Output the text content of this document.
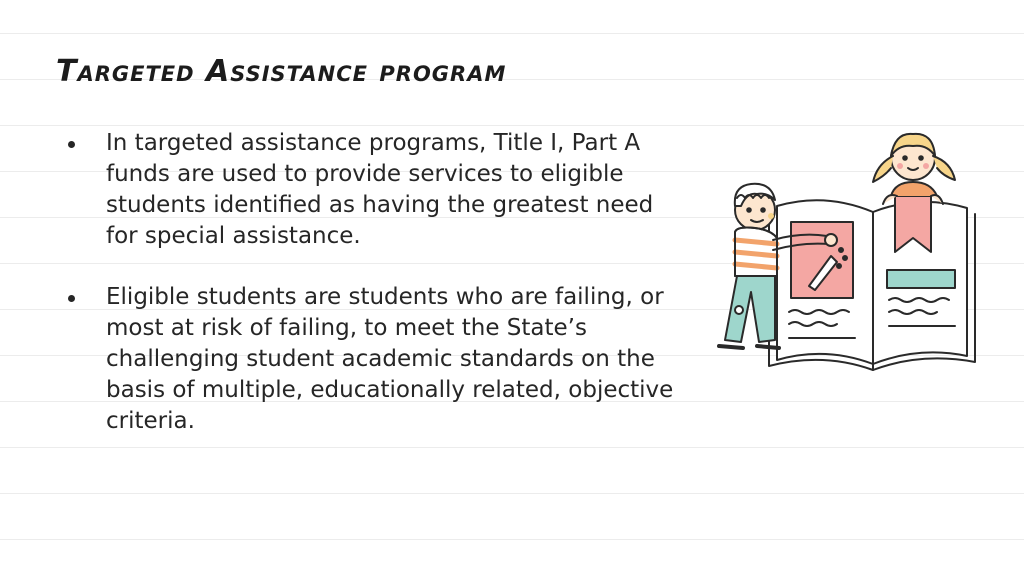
Targeted Assistance program
In targeted assistance programs, Title I, Part A funds are used to provide services to eligible students identified as having the greatest need for special assistance.
Eligible students are students who are failing, or most at risk of failing, to meet the State’s challenging student academic standards on the basis of multiple, educationally related, objective criteria.
